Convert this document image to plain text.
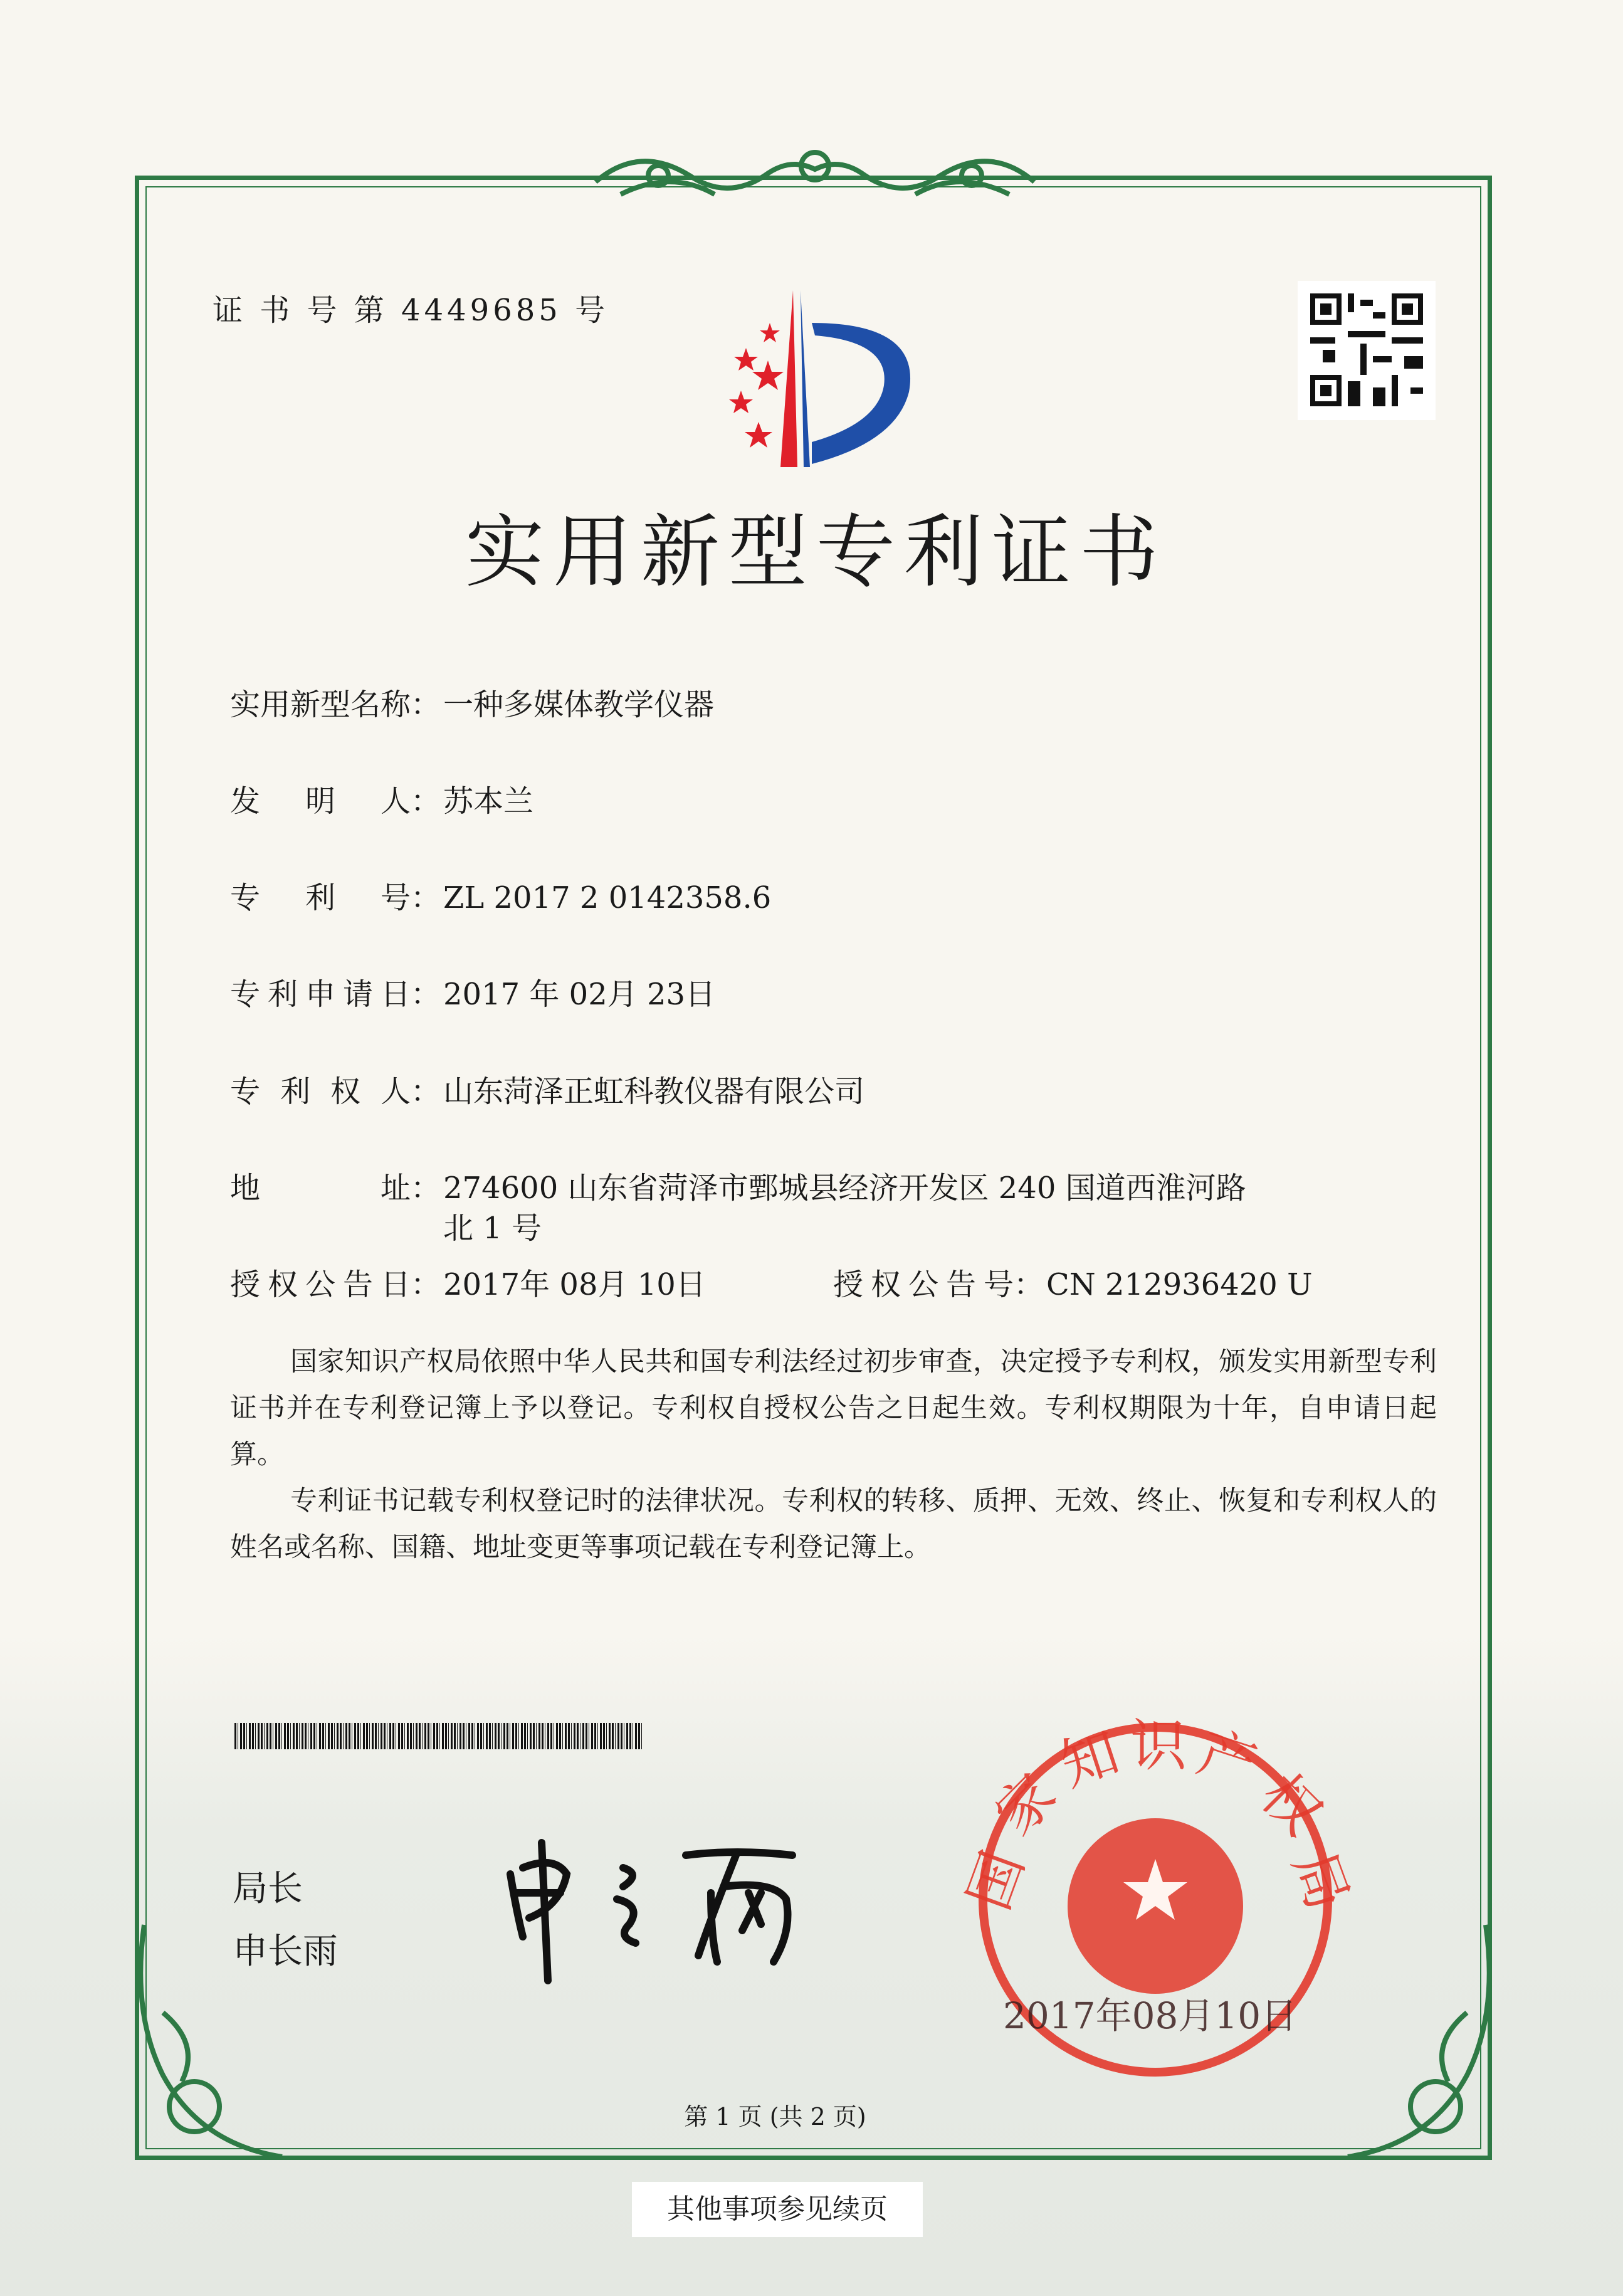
证 书 号 第 4449685 号
实用新型专利证书
实用新型名称：一种多媒体教学仪器
发　明　人：苏本兰
专　利　号：ZL 2017 2 0142358.6
专利申请日：2017 年 02月 23日
专 利 权 人：山东菏泽正虹科教仪器有限公司
地　　　址：274600 山东省菏泽市鄄城县经济开发区 240 国道西淮河路
北 1 号
授权公告日：2017年 08月 10日	授权公告号：CN 212936420 U

国家知识产权局依照中华人民共和国专利法经过初步审查，决定授予专利权，颁发实用新型专利证书并在专利登记簿上予以登记。专利权自授权公告之日起生效。专利权期限为十年，自申请日起算。

专利证书记载专利权登记时的法律状况。专利权的转移、质押、无效、终止、恢复和专利权人的姓名或名称、国籍、地址变更等事项记载在专利登记簿上。

局长
申长雨
国
家
知 识 产
权
局
2017年08月10日
第 1 页 (共 2 页)
其他事项参见续页
